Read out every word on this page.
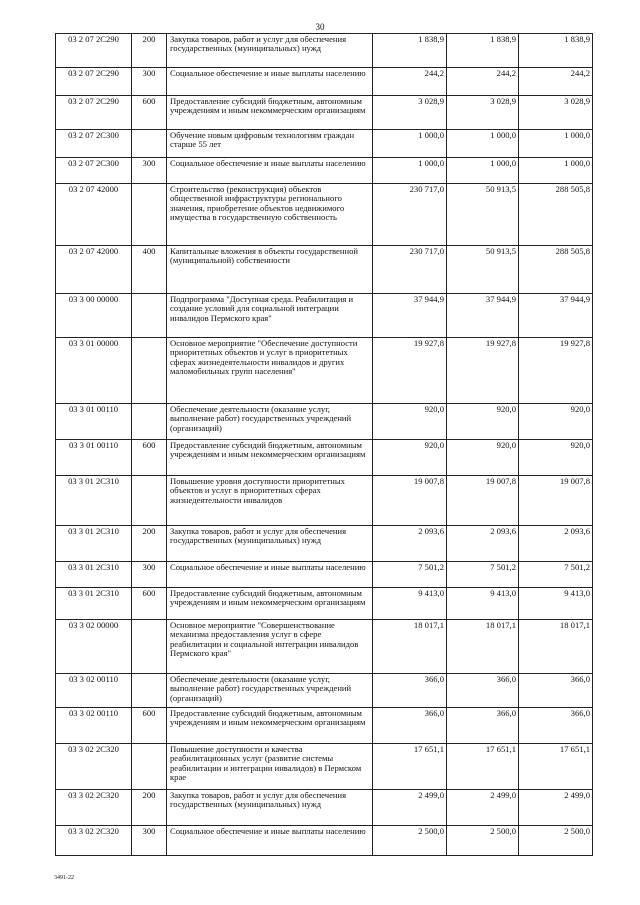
30
03 2 07 2С290	200	Закупка товаров, работ и услуг для обеспечения государственных (муниципальных) нужд	1 838,9	1 838,9	1 838,9
03 2 07 2С290	300	Социальное обеспечение и иные выплаты населению	244,2	244,2	244,2
03 2 07 2С290	600	Предоставление субсидий бюджетным, автономным учреждениям и иным некоммерческим организациям	3 028,9	3 028,9	3 028,9
03 2 07 2С300		Обучение новым цифровым технологиям граждан старше 55 лет	1 000,0	1 000,0	1 000,0
03 2 07 2С300	300	Социальное обеспечение и иные выплаты населению	1 000,0	1 000,0	1 000,0
03 2 07 42000		Строительство (реконструкция) объектов общественной инфраструктуры регионального значения, приобретение объектов недвижимого имущества в государственную собственность	230 717,0	50 913,5	288 505,8
03 2 07 42000	400	Капитальные вложения в объекты государственной (муниципальной) собственности	230 717,0	50 913,5	288 505,8
03 3 00 00000		Подпрограмма "Доступная среда. Реабилитация и создание условий для социальной интеграции инвалидов Пермского края"	37 944,9	37 944,9	37 944,9
03 3 01 00000		Основное мероприятие "Обеспечение доступности приоритетных объектов и услуг в приоритетных сферах жизнедеятельности инвалидов и других маломобильных групп населения"	19 927,8	19 927,8	19 927,8
03 3 01 00110		Обеспечение деятельности (оказание услуг, выполнение работ) государственных учреждений (организаций)	920,0	920,0	920,0
03 3 01 00110	600	Предоставление субсидий бюджетным, автономным учреждениям и иным некоммерческим организациям	920,0	920,0	920,0
03 3 01 2С310		Повышение уровня доступности приоритетных объектов и услуг в приоритетных сферах жизнедеятельности инвалидов	19 007,8	19 007,8	19 007,8
03 3 01 2С310	200	Закупка товаров, работ и услуг для обеспечения государственных (муниципальных) нужд	2 093,6	2 093,6	2 093,6
03 3 01 2С310	300	Социальное обеспечение и иные выплаты населению	7 501,2	7 501,2	7 501,2
03 3 01 2С310	600	Предоставление субсидий бюджетным, автономным учреждениям и иным некоммерческим организациям	9 413,0	9 413,0	9 413,0
03 3 02 00000		Основное мероприятие "Совершенствование механизма предоставления услуг в сфере реабилитации и социальной интеграции инвалидов Пермского края"	18 017,1	18 017,1	18 017,1
03 3 02 00110		Обеспечение деятельности (оказание услуг, выполнение работ) государственных учреждений (организаций)	366,0	366,0	366,0
03 3 02 00110	600	Предоставление субсидий бюджетным, автономным учреждениям и иным некоммерческим организациям	366,0	366,0	366,0
03 3 02 2С320		Повышение доступности и качества реабилитационных услуг (развитие системы реабилитации и интеграции инвалидов) в Пермском крае	17 651,1	17 651,1	17 651,1
03 3 02 2С320	200	Закупка товаров, работ и услуг для обеспечения государственных (муниципальных) нужд	2 499,0	2 499,0	2 499,0
03 3 02 2С320	300	Социальное обеспечение и иные выплаты населению	2 500,0	2 500,0	2 500,0
3491-22
